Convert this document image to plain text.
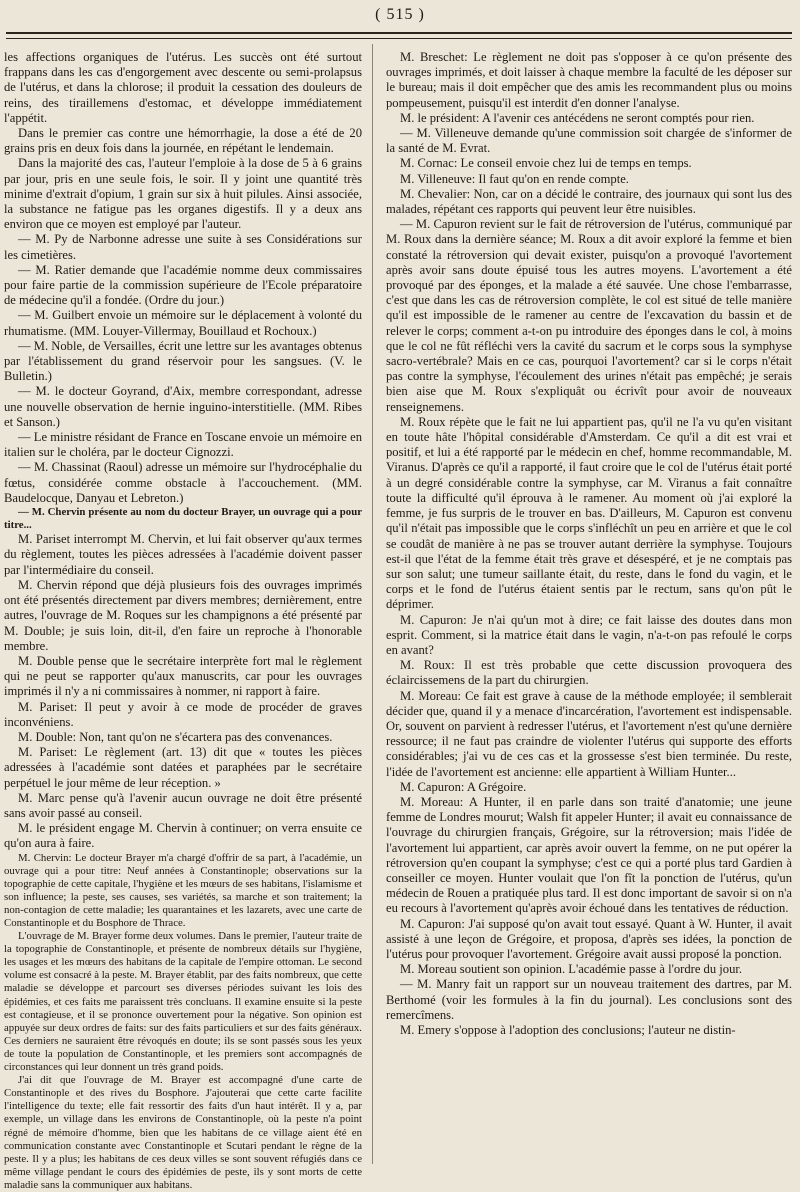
( 515 )

les affections organiques de l'utérus. Les succès ont été surtout frappans dans les cas d'engorgement avec descente ou semi-prolapsus de l'utérus, et dans la chlorose; il produit la cessation des douleurs de reins, des tiraillemens d'estomac, et développe immédiatement l'appétit.

Dans le premier cas contre une hémorrhagie, la dose a été de 20 grains pris en deux fois dans la journée, en répétant le lendemain.

Dans la majorité des cas, l'auteur l'emploie à la dose de 5 à 6 grains par jour, pris en une seule fois, le soir. Il y joint une quantité très minime d'extrait d'opium, 1 grain sur six à huit pilules. Ainsi associée, la substance ne fatigue pas les organes digestifs. Il y a deux ans environ que ce moyen est employé par l'auteur.

— M. Py de Narbonne adresse une suite à ses Considérations sur les cimetières.

— M. Ratier demande que l'académie nomme deux commissaires pour faire partie de la commission supérieure de l'Ecole préparatoire de médecine qu'il a fondée. (Ordre du jour.)

— M. Guilbert envoie un mémoire sur le déplacement à volonté du rhumatisme. (MM. Louyer-Villermay, Bouillaud et Rochoux.)

— M. Noble, de Versailles, écrit une lettre sur les avantages obtenus par l'établissement du grand réservoir pour les sangsues. (V. le Bulletin.)

— M. le docteur Goyrand, d'Aix, membre correspondant, adresse une nouvelle observation de hernie inguino-interstitielle. (MM. Ribes et Sanson.)

— Le ministre résidant de France en Toscane envoie un mémoire en italien sur le choléra, par le docteur Cignozzi.

— M. Chassinat (Raoul) adresse un mémoire sur l'hydrocéphalie du fœtus, considérée comme obstacle à l'accouchement. (MM. Baudelocque, Danyau et Lebreton.)

— M. Chervin présente au nom du docteur Brayer, un ouvrage qui a pour titre...

M. Pariset interrompt M. Chervin, et lui fait observer qu'aux termes du règlement, toutes les pièces adressées à l'académie doivent passer par l'intermédiaire du conseil.

M. Chervin répond que déjà plusieurs fois des ouvrages imprimés ont été présentés directement par divers membres; dernièrement, entre autres, l'ouvrage de M. Roques sur les champignons a été présenté par M. Double; je suis loin, dit-il, d'en faire un reproche à l'honorable membre.

M. Double pense que le secrétaire interprète fort mal le règlement qui ne peut se rapporter qu'aux manuscrits, car pour les ouvrages imprimés il n'y a ni commissaires à nommer, ni rapport à faire.

M. Pariset: Il peut y avoir à ce mode de procéder de graves inconvéniens.

M. Double: Non, tant qu'on ne s'écartera pas des convenances.

M. Pariset: Le règlement (art. 13) dit que « toutes les pièces adressées à l'académie sont datées et paraphées par le secrétaire perpétuel le jour même de leur réception. »

M. Marc pense qu'à l'avenir aucun ouvrage ne doit être présenté sans avoir passé au conseil.

M. le président engage M. Chervin à continuer; on verra ensuite ce qu'on aura à faire.

M. Chervin: Le docteur Brayer m'a chargé d'offrir de sa part, à l'académie, un ouvrage qui a pour titre: Neuf années à Constantinople; observations sur la topographie de cette capitale, l'hygiène et les mœurs de ses habitans, l'islamisme et son influence; la peste, ses causes, ses variétés, sa marche et son traitement; la non-contagion de cette maladie; les quarantaines et les lazarets, avec une carte de Constantinople et du Bosphore de Thrace.

L'ouvrage de M. Brayer forme deux volumes. Dans le premier, l'auteur traite de la topographie de Constantinople, et présente de nombreux détails sur l'hygiène, les usages et les mœurs des habitans de la capitale de l'empire ottoman. Le second volume est consacré à la peste. M. Brayer établit, par des faits nombreux, que cette maladie se développe et parcourt ses diverses périodes suivant les lois des épidémies, et ces faits me paraissent très concluans. Il examine ensuite si la peste est contagieuse, et il se prononce ouvertement pour la négative. Son opinion est appuyée sur deux ordres de faits: sur des faits particuliers et sur des faits généraux. Ces derniers ne sauraient être révoqués en doute; ils se sont passés sous les yeux de toute la population de Constantinople, et les premiers sont accompagnés de circonstances qui leur donnent un très grand poids.

J'ai dit que l'ouvrage de M. Brayer est accompagné d'une carte de Constantinople et des rives du Bosphore. J'ajouterai que cette carte facilite l'intelligence du texte; elle fait ressortir des faits d'un haut intérêt. Il y a, par exemple, un village dans les environs de Constantinople, où la peste n'a point régné de mémoire d'homme, bien que les habitans de ce village aient été en communication constante avec Constantinople et Scutari pendant le règne de la peste. Il y a plus; les habitans de ces deux villes se sont souvent réfugiés dans ce même village pendant le cours des épidémies de peste, ils y sont morts de cette maladie sans la communiquer aux habitans.

M. Breschet: Le règlement ne doit pas s'opposer à ce qu'on présente des ouvrages imprimés, et doit laisser à chaque membre la faculté de les déposer sur le bureau; mais il doit empêcher que des amis les recommandent plus ou moins pompeusement, puisqu'il est interdit d'en donner l'analyse.

M. le président: A l'avenir ces antécédens ne seront comptés pour rien.

— M. Villeneuve demande qu'une commission soit chargée de s'informer de la santé de M. Evrat.

M. Cornac: Le conseil envoie chez lui de temps en temps.

M. Villeneuve: Il faut qu'on en rende compte.

M. Chevalier: Non, car on a décidé le contraire, des journaux qui sont lus des malades, répétant ces rapports qui peuvent leur être nuisibles.

— M. Capuron revient sur le fait de rétroversion de l'utérus, communiqué par M. Roux dans la dernière séance; M. Roux a dit avoir exploré la femme et bien constaté la rétroversion qui devait exister, puisqu'on a provoqué l'avortement après avoir sans doute épuisé tous les autres moyens. L'avortement a été provoqué par des éponges, et la malade a été sauvée. Une chose l'embarrasse, c'est que dans les cas de rétroversion complète, le col est situé de telle manière qu'il est impossible de le ramener au centre de l'excavation du bassin et de relever le corps; comment a-t-on pu introduire des éponges dans le col, à moins que le col ne fût réfléchi vers la cavité du sacrum et le corps sous la symphyse sacro-vertébrale? Mais en ce cas, pourquoi l'avortement? car si le corps n'était pas contre la symphyse, l'écoulement des urines n'était pas empêché; je serais bien aise que M. Roux s'expliquât ou écrivît pour avoir de nouveaux renseignemens.

M. Roux répète que le fait ne lui appartient pas, qu'il ne l'a vu qu'en visitant en toute hâte l'hôpital considérable d'Amsterdam. Ce qu'il a dit est vrai et positif, et lui a été rapporté par le médecin en chef, homme recommandable, M. Viranus. D'après ce qu'il a rapporté, il faut croire que le col de l'utérus était porté à un degré considérable contre la symphyse, car M. Viranus a fait connaître toute la difficulté qu'il éprouva à le ramener. Au moment où j'ai exploré la femme, je fus surpris de le trouver en bas. D'ailleurs, M. Capuron est convenu qu'il n'était pas impossible que le corps s'infléchît un peu en arrière et que le col se coudât de manière à ne pas se trouver autant derrière la symphyse. Toujours est-il que l'état de la femme était très grave et désespéré, et je ne comptais pas sur son salut; une tumeur saillante était, du reste, dans le fond du vagin, et le corps et le fond de l'utérus étaient sentis par le rectum, sans qu'on pût le déprimer.

M. Capuron: Je n'ai qu'un mot à dire; ce fait laisse des doutes dans mon esprit. Comment, si la matrice était dans le vagin, n'a-t-on pas refoulé le corps en avant?

M. Roux: Il est très probable que cette discussion provoquera des éclaircissemens de la part du chirurgien.

M. Moreau: Ce fait est grave à cause de la méthode employée; il semblerait décider que, quand il y a menace d'incarcération, l'avortement est indispensable. Or, souvent on parvient à redresser l'utérus, et l'avortement n'est qu'une dernière ressource; il ne faut pas craindre de violenter l'utérus qui supporte des efforts considérables; j'ai vu de ces cas et la grossesse s'est bien terminée. Du reste, l'idée de l'avortement est ancienne: elle appartient à William Hunter...

M. Capuron: A Grégoire.

M. Moreau: A Hunter, il en parle dans son traité d'anatomie; une jeune femme de Londres mourut; Walsh fit appeler Hunter; il avait eu connaissance de l'ouvrage du chirurgien français, Grégoire, sur la rétroversion; mais l'idée de l'avortement lui appartient, car après avoir ouvert la femme, on ne put opérer la rétroversion qu'en coupant la symphyse; c'est ce qui a porté plus tard Gardien à conseiller ce moyen. Hunter voulait que l'on fît la ponction de l'utérus, qu'un médecin de Rouen a pratiquée plus tard. Il est donc important de savoir si on n'a eu recours à l'avortement qu'après avoir échoué dans les tentatives de réduction.

M. Capuron: J'ai supposé qu'on avait tout essayé. Quant à W. Hunter, il avait assisté à une leçon de Grégoire, et proposa, d'après ses idées, la ponction de l'utérus pour provoquer l'avortement. Grégoire avait aussi proposé la ponction.

M. Moreau soutient son opinion. L'académie passe à l'ordre du jour.

— M. Manry fait un rapport sur un nouveau traitement des dartres, par M. Berthomé (voir les formules à la fin du journal). Les conclusions sont des remercîmens.

M. Emery s'oppose à l'adoption des conclusions; l'auteur ne distin-
